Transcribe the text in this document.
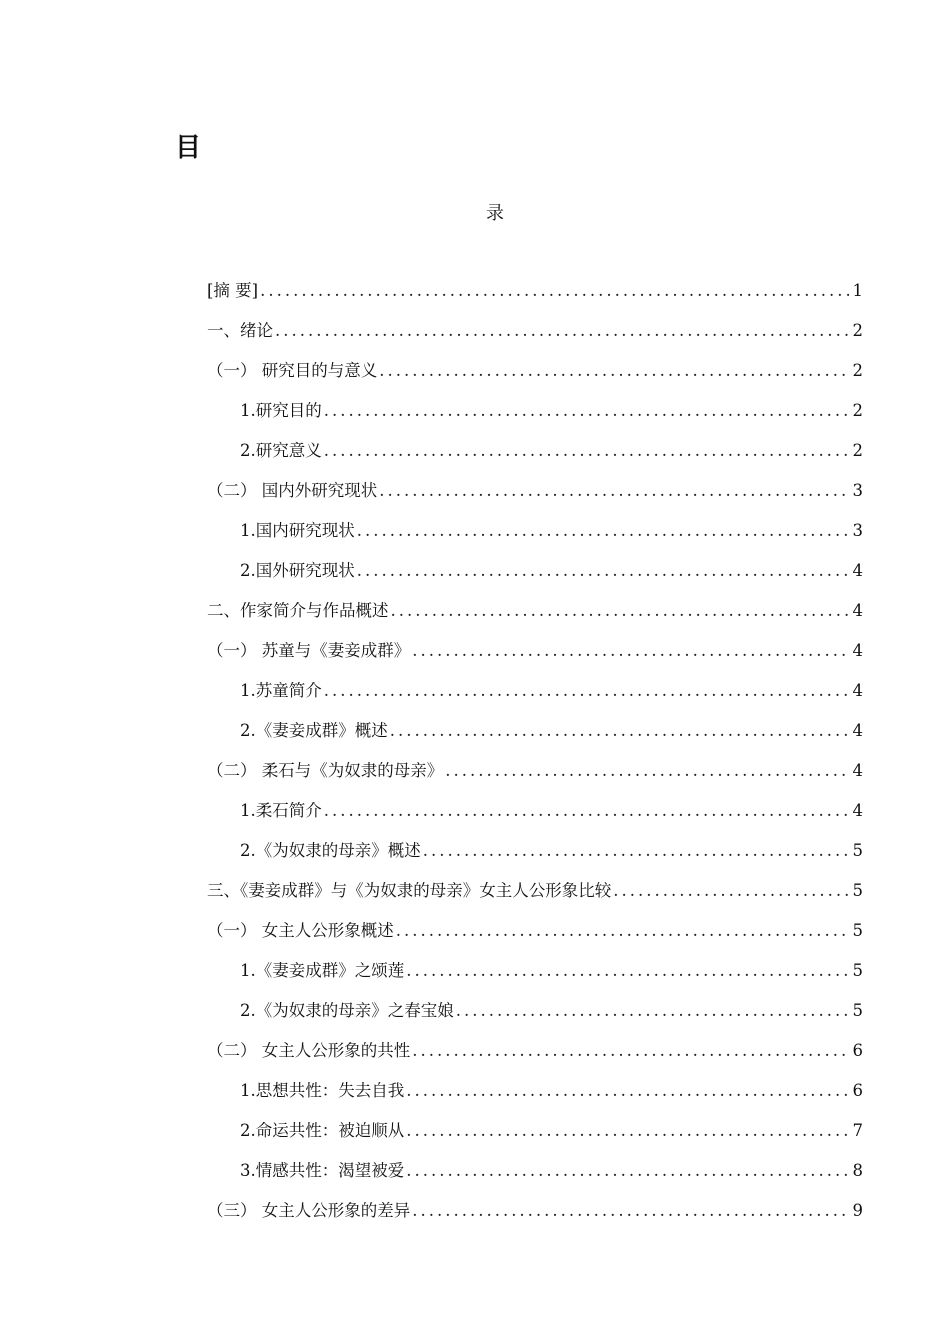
目
录
[摘 要] .....	1
一、绪论 .....	2
（一） 研究目的与意义 .....	2
1.研究目的 .....	2
2.研究意义 .....	2
（二） 国内外研究现状 .....	3
1.国内研究现状 .....	3
2.国外研究现状 .....	4
二、作家简介与作品概述 .....	4
（一） 苏童与《妻妾成群》 .....	4
1.苏童简介 .....	4
2.《妻妾成群》概述 .....	4
（二） 柔石与《为奴隶的母亲》 .....	4
1.柔石简介 .....	4
2.《为奴隶的母亲》概述 .....	5
三、《妻妾成群》与《为奴隶的母亲》女主人公形象比较 .....	5
（一） 女主人公形象概述 .....	5
1.《妻妾成群》之颂莲 .....	5
2.《为奴隶的母亲》之春宝娘 .....	5
（二） 女主人公形象的共性 .....	6
1.思想共性：失去自我 .....	6
2.命运共性：被迫顺从 .....	7
3.情感共性：渴望被爱 .....	8
（三） 女主人公形象的差异 .....	9
